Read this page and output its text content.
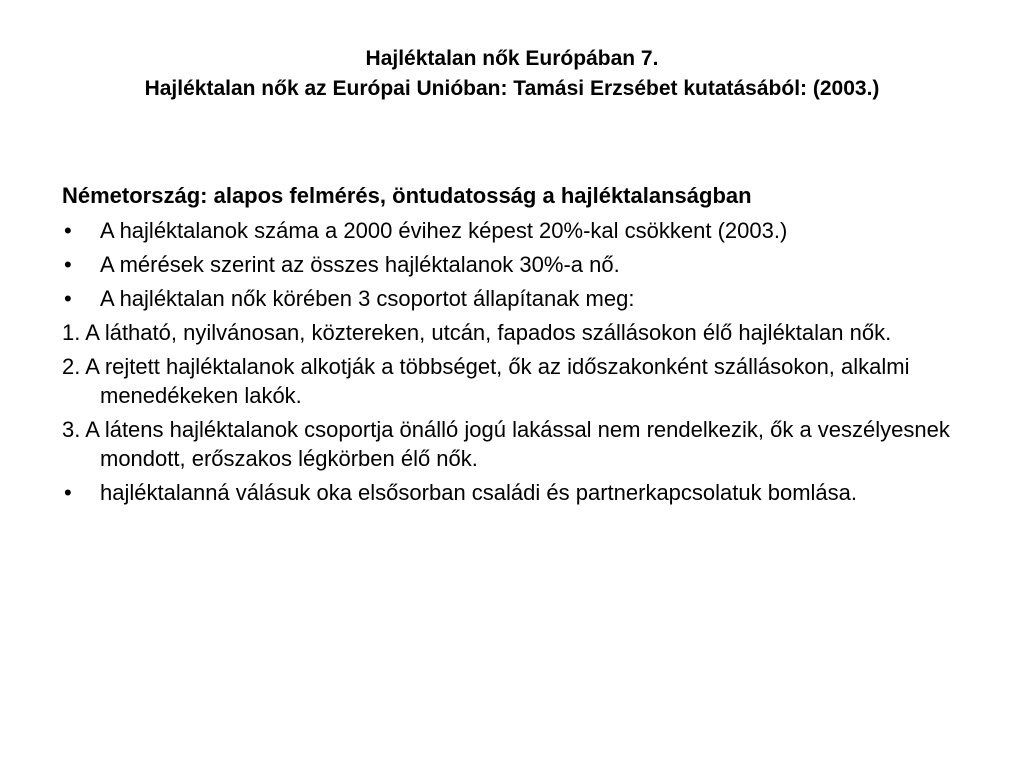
Hajléktalan nők Európában 7.
Hajléktalan nők az Európai Unióban: Tamási Erzsébet kutatásából: (2003.)
Németország: alapos felmérés, öntudatosság a hajléktalanságban
•	A hajléktalanok száma a 2000 évihez képest 20%-kal csökkent (2003.)
•	A mérések szerint az összes hajléktalanok 30%-a nő.
•	A hajléktalan nők körében 3 csoportot állapítanak meg:
1. A látható, nyilvánosan, köztereken, utcán, fapados szállásokon élő hajléktalan nők.
2. A rejtett hajléktalanok alkotják a többséget, ők az időszakonként szállásokon, alkalmi menedékeken lakók.
3. A látens hajléktalanok csoportja önálló jogú lakással nem rendelkezik, ők a veszélyesnek mondott, erőszakos légkörben élő nők.
•	hajléktalanná válásuk oka elsősorban családi és partnerkapcsolatuk bomlása.
